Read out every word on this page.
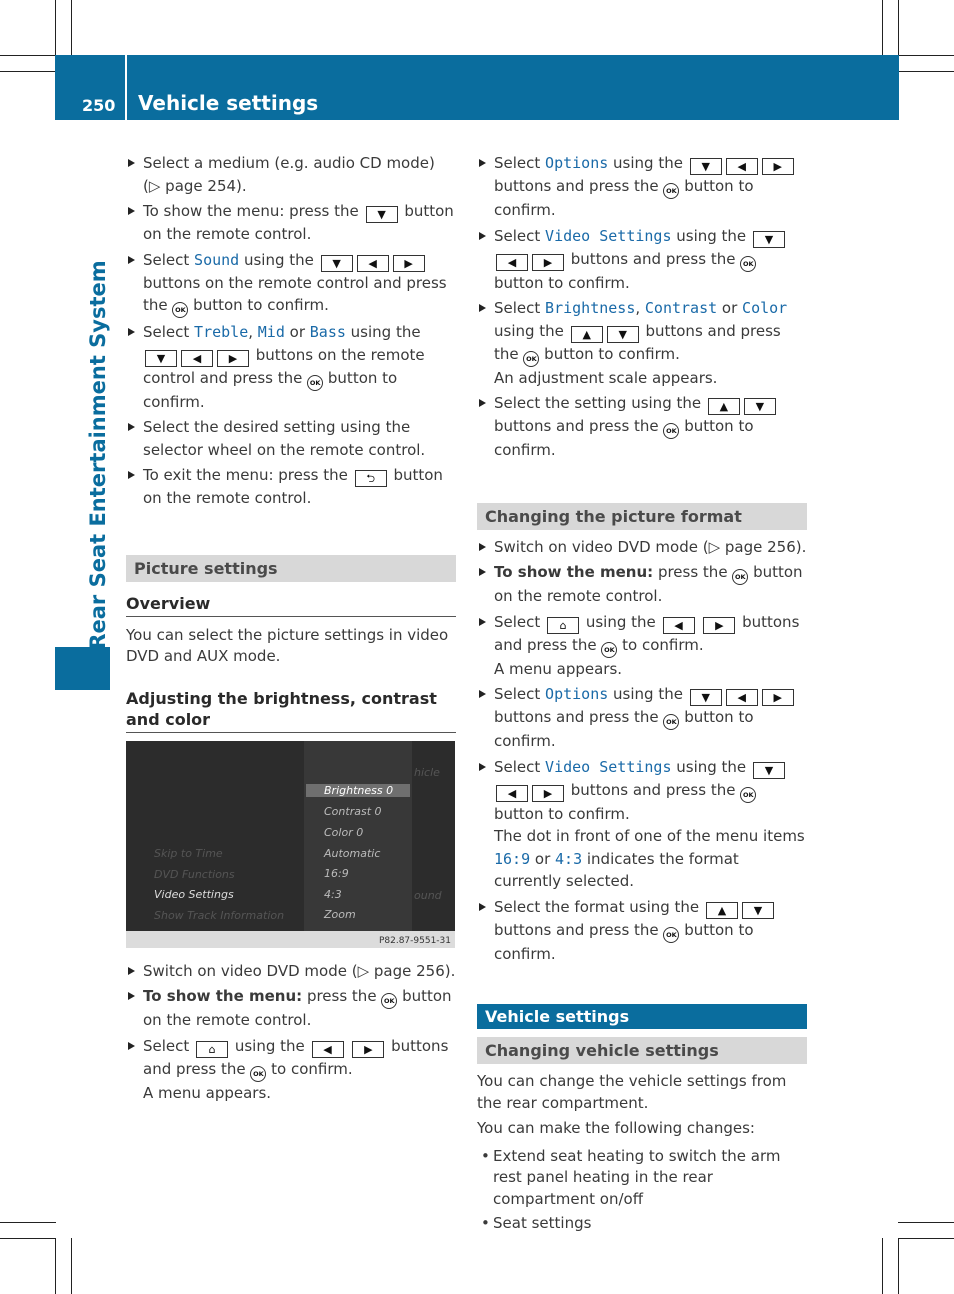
250 Vehicle settings
Rear Seat Entertainment System
Select a medium (e.g. audio CD mode) (▷ page 254).
To show the menu: press the ▼ button on the remote control.
Select Sound using the ▼	◀	▶ buttons on the remote control and press the OK button to confirm.
Select Treble, Mid or Bass using the ▼	◀	▶ buttons on the remote control and press the OK button to confirm.
Select the desired setting using the selector wheel on the remote control.
To exit the menu: press the ⮌ button on the remote control.
Picture settings
Overview
You can select the picture settings in video DVD and AUX mode.
Adjusting the brightness, contrast and color
Skip to Time
DVD Functions
Video Settings
Show Track Information
Brightness 0
Contrast 0
Color 0
Automatic
16:9
4:3
Zoom
hicle
ound
P82.87-9551-31
Switch on video DVD mode (▷ page 256).
To show the menu: press the OK button on the remote control.
Select ⌂ using the ◀	▶ buttons and press the OK to confirm.
A menu appears.
Select Options using the ▼	◀	▶ buttons and press the OK button to confirm.
Select Video Settings using the ▼◀	▶ buttons and press the OK button to confirm.
Select Brightness, Contrast or Color using the ▲	▼ buttons and press the OK button to confirm.
An adjustment scale appears.
Select the setting using the ▲	▼ buttons and press the OK button to confirm.
Changing the picture format
Switch on video DVD mode (▷ page 256).
To show the menu: press the OK button on the remote control.
Select ⌂ using the ◀	▶ buttons and press the OK to confirm.
A menu appears.
Select Options using the ▼	◀	▶ buttons and press the OK button to confirm.
Select Video Settings using the ▼◀	▶ buttons and press the OK button to confirm.
The dot in front of one of the menu items 16:9 or 4:3 indicates the format currently selected.
Select the format using the ▲	▼ buttons and press the OK button to confirm.
Vehicle settings
Changing vehicle settings
You can change the vehicle settings from the rear compartment.
You can make the following changes:
• Extend seat heating to switch the arm rest panel heating in the rear compartment on/off
• Seat settings
